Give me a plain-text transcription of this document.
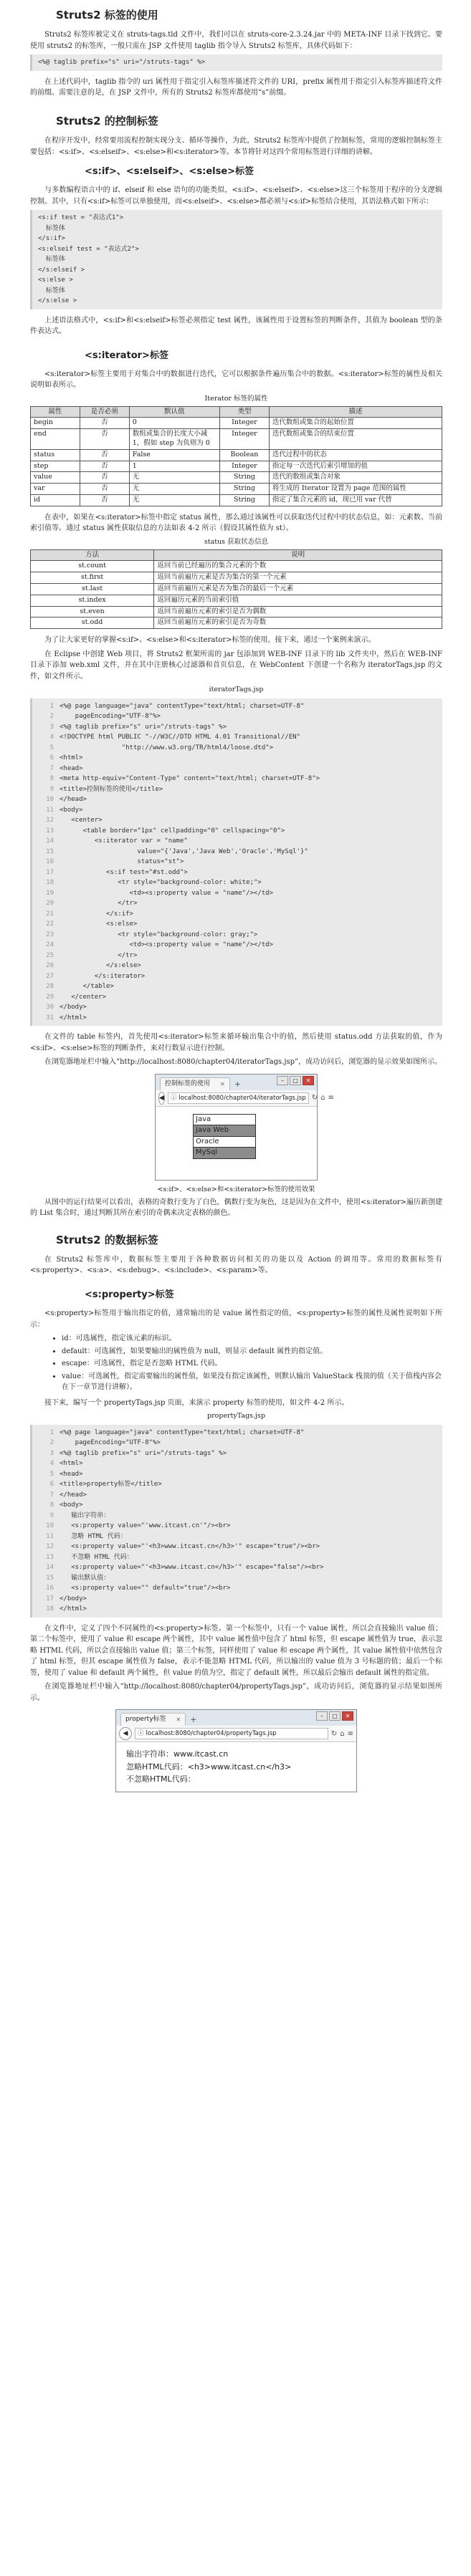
Struts2 标签的使用

Struts2 标签库被定义在 struts-tags.tld 文件中，我们可以在 struts-core-2.3.24.jar 中的 META-INF 目录下找到它。要使用 struts2 的标签库，一般只需在 JSP 文件使用 taglib 指令导入 Struts2 标签库，具体代码如下：

<%@ taglib prefix="s" uri="/struts-tags" %>

在上述代码中，taglib 指令的 uri 属性用于指定引入标签库描述符文件的 URI，prefix 属性用于指定引入标签库描述符文件的前缀。需要注意的是，在 JSP 文件中，所有的 Struts2 标签库都使用“s”前缀。

Struts2 的控制标签

在程序开发中，经常要用流程控制实现分支、循环等操作，为此，Struts2 标签库中提供了控制标签，常用的逻辑控制标签主要包括：<s:if>、<s:elseif>、<s:else>和<s:iterator>等。本节将针对这四个常用标签进行详细的讲解。

<s:if>、<s:elseif>、<s:else>标签

与多数编程语言中的 if、elseif 和 else 语句的功能类似，<s:if>、<s:elseif>、<s:else>这三个标签用于程序的分支逻辑控制。其中，只有<s:if>标签可以单独使用，而<s:elseif>、<s:else>都必须与<s:if>标签结合使用，其语法格式如下所示：

<s:if test = "表达式1">
标签体
</s:if>
<s:elseif test = "表达式2">
标签体
</s:elseif >
<s:else >
标签体
</s:else >

上述语法格式中，<s:if>和<s:elseif>标签必须指定 test 属性，该属性用于设置标签的判断条件，其值为 boolean 型的条件表达式。

<s:iterator>标签

<s:iterator>标签主要用于对集合中的数据进行迭代，它可以根据条件遍历集合中的数据。<s:iterator>标签的属性及相关说明如表所示。

Iterator 标签的属性
属性	是否必须	默认值	类型	描述
begin	否	0	Integer	迭代数组或集合的起始位置
end	否	数组或集合的长度大小减 1，假如 step 为负则为 0	Integer	迭代数组或集合的结束位置
status	否	False	Boolean	迭代过程中的状态
step	否	1	Integer	指定每一次迭代后索引增加的值
value	否	无	String	迭代的数组或集合对象
var	否	无	String	将生成的 Iterator 设置为 page 范围的属性
id	否	无	String	指定了集合元素的 id，现已用 var 代替

在表中，如果在<s:iterator>标签中指定 status 属性，那么通过该属性可以获取迭代过程中的状态信息，如：元素数、当前索引值等。通过 status 属性获取信息的方法如表 4-2 所示（假设其属性值为 st）。

status 获取状态信息
方法	说明
st.count	返回当前已经遍历的集合元素的个数
st.first	返回当前遍历元素是否为集合的第一个元素
st.last	返回当前遍历元素是否为集合的最后一个元素
st.index	返回遍历元素的当前索引值
st.even	返回当前遍历元素的索引是否为偶数
st.odd	返回当前遍历元素的索引是否为奇数

为了让大家更好的掌握<s:if>、<s:else>和<s:iterator>标签的使用，接下来，通过一个案例来演示。

在 Eclipse 中创建 Web 项目，将 Struts2 框架所需的 jar 包添加到 WEB-INF 目录下的 lib 文件夹中，然后在 WEB-INF 目录下添加 web.xml 文件，并在其中注册核心过滤器和首页信息，在 WebContent 下创建一个名称为 iteratorTags.jsp 的文件，如文件所示。

iteratorTags.jsp
1 <%@ page language="java" contentType="text/html; charset=UTF-8"
2    pageEncoding="UTF-8"%>
3 <%@ taglib prefix="s" uri="/struts-tags" %>
4 <!DOCTYPE html PUBLIC "-//W3C//DTD HTML 4.01 Transitional//EN"
5                "http://www.w3.org/TR/html4/loose.dtd">
6 <html>
7 <head>
8 <meta http-equiv="Content-Type" content="text/html; charset=UTF-8">
9 <title>控制标签的使用</title>
10 </head>
11 <body>
12   <center>
13      <table border="1px" cellpadding="0" cellspacing="0">
14         <s:iterator var = "name"
15                    value="{'Java','Java Web','Oracle','MySql'}"
16                    status="st">
17            <s:if test="#st.odd">
18               <tr style="background-color: white;">
19                  <td><s:property value = "name"/></td>
20               </tr>
21            </s:if>
22            <s:else>
23               <tr style="background-color: gray;">
24                  <td><s:property value = "name"/></td>
25               </tr>
26            </s:else>
27         </s:iterator>
28      </table>
29   </center>
30 </body>
31 </html>

在文件的 table 标签内，首先使用<s:iterator>标签来循环输出集合中的值，然后使用 status.odd 方法获取的值，作为<s:if>、<s:else>标签的判断条件，来对行数显示进行控制。

在浏览器地址栏中输入“http://localhost:8080/chapter04/iteratorTags.jsp”，成功访问后，浏览器的显示效果如图所示。

控制标签的使用 ✕ +	–	□	✕
◀ ⓘ localhost:8080/chapter04/iteratorTags.jsp ↻ ⌂ ≡
Java
Java Web
Oracle
MySql
<s:if>、<s:else>和<s:iterator>标签的使用效果

从图中的运行结果可以看出，表格的奇数行变为了白色，偶数行变为灰色，这是因为在文件中，使用<s:iterator>遍历新创建的 List 集合时，通过判断其所在索引的奇偶来决定表格的颜色。

Struts2 的数据标签

在 Struts2 标签库中，数据标签主要用于各种数据访问相关的功能以及 Action 的调用等。常用的数据标签有<s:property>、<s:a>、<s:debug>、<s:include>、<s:param>等。

<s:property>标签

<s:property>标签用于输出指定的值，通常输出的是 value 属性指定的值，<s:property>标签的属性及属性说明如下所示：

• id：可选属性，指定该元素的标识。
• default：可选属性，如果要输出的属性值为 null，则显示 default 属性的指定值。
• escape：可选属性，指定是否忽略 HTML 代码。
• value：可选属性，指定需要输出的属性值，如果没有指定该属性，则默认输出 ValueStack 栈顶的值（关于值栈内容会在下一章节进行讲解）。

接下来，编写一个 propertyTags.jsp 页面，来演示 property 标签的使用，如文件 4-2 所示。

propertyTags.jsp
1 <%@ page language="java" contentType="text/html; charset=UTF-8"
2    pageEncoding="UTF-8"%>
3 <%@ taglib prefix="s" uri="/struts-tags" %>
4 <html>
5 <head>
6 <title>property标签</title>
7 </head>
8 <body>
9   输出字符串：
10   <s:property value="'www.itcast.cn'"/><br>
11   忽略 HTML 代码：
12   <s:property value="'<h3>www.itcast.cn</h3>'" escape="true"/><br>
13   不忽略 HTML 代码：
14   <s:property value="'<h3>www.itcast.cn</h3>'" escape="false"/><br>
15   输出默认值：
16   <s:property value="" default="true"/><br>
17 </body>
18 </html>

在文件中，定义了四个不同属性的<s:property>标签。第一个标签中，只有一个 value 属性，所以会直接输出 value 值；第二个标签中，使用了 value 和 escape 两个属性，其中 value 属性值中包含了 html 标签，但 escape 属性值为 true，表示忽略 HTML 代码，所以会直接输出 value 值；第三个标签，同样使用了 value 和 escape 两个属性，其 value 属性值中依然包含了 html 标签，但其 escape 属性值为 false，表示不能忽略 HTML 代码，所以输出的 value 值为 3 号标题的值；最后一个标签，使用了 value 和 default 两个属性，但 value 的值为空，指定了 default 属性，所以最后会输出 default 属性的指定值。

在浏览器地址栏中输入“http://localhost:8080/chapter04/propertyTags.jsp”，成功访问后，浏览器的显示结果如图所示。

property标签 ✕ +	–	□	✕
◀	ⓘ localhost:8080/chapter04/propertyTags.jsp	↻ ⌂ ≡
输出字符串：www.itcast.cn
忽略HTML代码：<h3>www.itcast.cn</h3>
不忽略HTML代码：
